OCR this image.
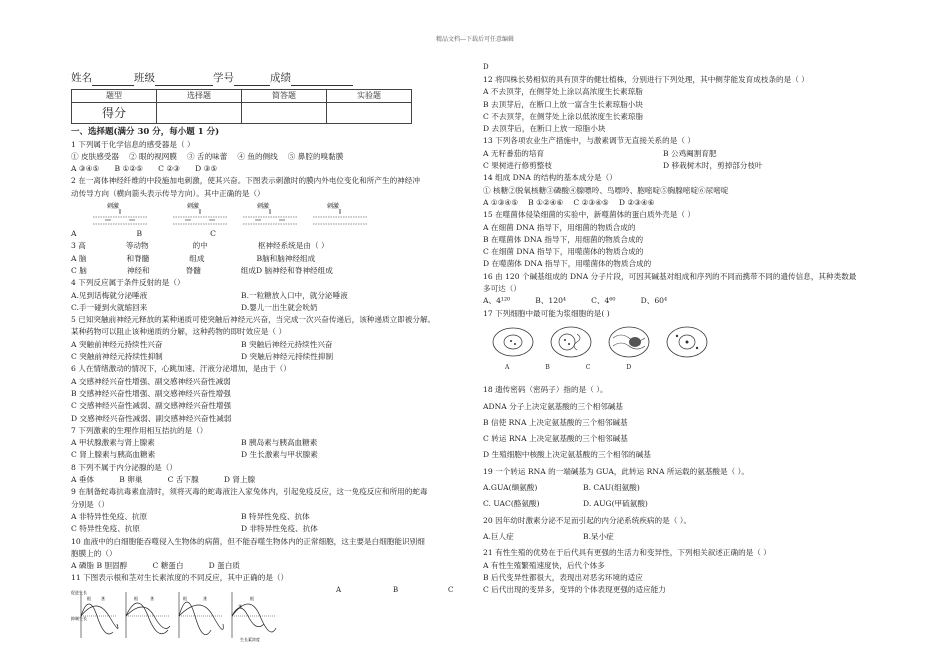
精品文档---下载后可任意编辑
D
姓名	班级	学号	成绩
题型	选择题	简答题	实验题
得分			

一、选择题(满分 30 分，每小题 1 分)

1 下列属于化学信息的感受器是（ ）

① 皮肤感受器 　② 眼的视网膜 　③ 舌的味蕾 　④ 鱼的侧线 　⑤ 鼻腔的嗅黏膜

A ③④⑤　　 B ①②⑤　　 C ②③　　 D ③⑤

2 在一离体神经纤维的中段施加电刺激，使其兴奋。下图表示刺激时的膜内外电位变化和所产生的神经冲

动传导方向（横向箭头表示传导方向）。其中正确的是（）

刺激	刺激	刺激	刺激

A	B	C

3 高	等动物	的中	枢神经系统是由（ ）

A 脑	和脊髓	组成	B脑和脑神经组成

C 脑	神经和	脊髓	组成D 脑神经和脊神经组成

4 下列反应属于条件反射的是（）

A.见到话梅就分泌唾液	B.一粒糖放入口中，就分泌唾液
C.手一碰到火就缩回来	D.婴儿一出生就会吮奶

5 已知突触前神经元释放的某种递质可使突触后神经元兴奋，当完成一次兴奋传递后，该种递质立即被分解。

某种药物可以阻止该种递质的分解，这种药物的即时效应是（ ）

A 突触前神经元持续性兴奋	B 突触后神经元持续性兴奋
C 突触前神经元持续性抑制	D 突触后神经元持续性抑制

6 人在情绪激动的情况下，心跳加速、汗液分泌增加，是由于（）

A 交感神经兴奋性增强、副交感神经兴奋性减弱

B 交感神经兴奋性增强、副交感神经兴奋性增强

C 交感神经兴奋性减弱、副交感神经兴奋性增强

D 交感神经兴奋性减弱、副交感神经兴奋性减弱

7 下列激素的生理作用相互拮抗的是（）

A 甲状腺激素与肾上腺素	B 胰岛素与胰高血糖素
C 肾上腺素与胰高血糖素	D 生长激素与甲状腺素

8 下列不属于内分泌腺的是（）

A 垂体 　　　B 卵巢 　　　C 舌下腺 　　　D 肾上腺

9 在制备蛇毒抗毒素血清时，须将灭毒的蛇毒液注入家兔体内，引起免疫反应，这一免疫反应和所用的蛇毒

分别是（）

A 非特异性免疫、抗原	B 特异性免疫、抗体
C 特异性免疫、抗原	D 非特异性免疫、抗体

10 血液中的白细胞能吞噬侵入生物体的病菌，但不能吞噬生物体内的正常细胞，这主要是白细胞能识别细

胞膜上的（）

A 磷脂 B 胆固醇 　　　C 糖蛋白 　　　D 蛋白质

11 下图表示根和茎对生长素浓度的不同反应，其中正确的是（）

促进生长
抑制生长
根	茎	根	茎	根	茎	根
茎
生长素浓度
A	B	C

12 将四株长势相似的具有顶芽的健壮植株，分别进行下列处理，其中侧芽能发育成枝条的是（ ）

A 不去顶芽，在侧芽处上涂以高浓度生长素琼脂

B 去顶芽后，在断口上放一富含生长素琼脂小块

C 不去顶芽，在侧芽处上涂以低浓度生长素琼脂

D 去顶芽后，在断口上放一琼脂小块

13 下列各项农业生产措施中，与激素调节无直接关系的是（ ）

A 无籽番茄的培育	B 公鸡阉割育肥
C 果树进行修剪整枝	D 移栽树木时，剪掉部分枝叶

14 组成 DNA 的结构的基本成分是（）

① 核糖②脱氧核糖③磷酸④腺嘌呤、鸟嘌呤、胞嘧啶⑤胸腺嘧啶⑥尿嘧啶

A ①③④⑤ 　B ①②④⑥ 　C ②③④⑤ 　D ②③④⑥

15 在噬菌体侵染细菌的实验中，新噬菌体的蛋白质外壳是（ ）

A 在细菌 DNA 指导下，用细菌的物质合成的

B 在噬菌体 DNA 指导下，用细菌的物质合成的

C 在细菌 DNA 指导下，用噬菌体的物质合成的

D 在噬菌体 DNA 指导下，用噬菌体的物质合成的

16 由 120 个碱基组成的 DNA 分子片段，可因其碱基对组成和序列的不同而携带不同的遗传信息，其种类数最

多可达（）

A、4¹²⁰ 　　　B、120⁴ 　　　C、4⁶⁰ 　　　D、60⁴

17 下列细胞中最可能为浆细胞的是( )

A	B	C	D

18 遗传密码（密码子）指的是（ ）。

ADNA 分子上决定氨基酸的三个相邻碱基

B 信使 RNA 上决定氨基酸的三个相邻碱基

C 转运 RNA 上决定氨基酸的三个相邻碱基

D 生殖细胞中核酸上决定氨基酸的三个相邻的碱基

19 一个转运 RNA 的一端碱基为 GUA，此转运 RNA 所运载的氨基酸是（ ）。

A.GUA(缬氨酸)	B. CAU(组氨酸)
C. UAC(酪氨酸)	D. AUG(甲硫氨酸)

20 因年幼时激素分泌不足而引起的内分泌系统疾病的是（ ）。

A.巨人症	B.呆小症

21 有性生殖的优势在于后代具有更强的生活力和变异性，下列相关叙述正确的是（ ）

A 有性生殖繁殖速度快，后代个体多

B 后代变异性都很大，表现出对恶劣环境的适应

C 后代出现的变异多，变异的个体表现更强的适应能力
